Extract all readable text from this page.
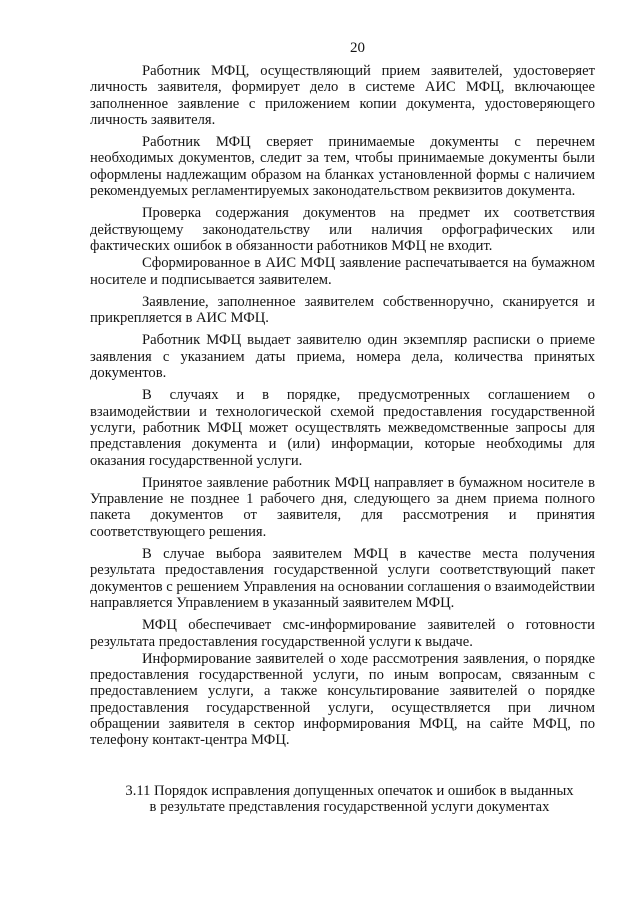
20

Работник МФЦ, осуществляющий прием заявителей, удостоверяет личность заявителя, формирует дело в системе АИС МФЦ, включающее заполненное заявление с приложением копии документа, удостоверяющего личность заявителя.

Работник МФЦ сверяет принимаемые документы с перечнем необходимых документов, следит за тем, чтобы принимаемые документы были оформлены надлежащим образом на бланках установленной формы с наличием рекомендуемых регламентируемых законодательством реквизитов документа.

Проверка содержания документов на предмет их соответствия действующему законодательству или наличия орфографических или фактических ошибок в обязанности работников МФЦ не входит.

Сформированное в АИС МФЦ заявление распечатывается на бумажном носителе и подписывается заявителем.

Заявление, заполненное заявителем собственноручно, сканируется и прикрепляется в АИС МФЦ.

Работник МФЦ выдает заявителю один экземпляр расписки о приеме заявления с указанием даты приема, номера дела, количества принятых документов.

В случаях и в порядке, предусмотренных соглашением о взаимодействии и технологической схемой предоставления государственной услуги, работник МФЦ может осуществлять межведомственные запросы для представления документа и (или) информации, которые необходимы для оказания государственной услуги.

Принятое заявление работник МФЦ направляет в бумажном носителе в Управление не позднее 1 рабочего дня, следующего за днем приема полного пакета документов от заявителя, для рассмотрения и принятия соответствующего решения.

В случае выбора заявителем МФЦ в качестве места получения результата предоставления государственной услуги соответствующий пакет документов с решением Управления на основании соглашения о взаимодействии направляется Управлением в указанный заявителем МФЦ.

МФЦ обеспечивает смс-информирование заявителей о готовности результата предоставления государственной услуги к выдаче.

Информирование заявителей о ходе рассмотрения заявления, о порядке предоставления государственной услуги, по иным вопросам, связанным с предоставлением услуги, а также консультирование заявителей о порядке предоставления государственной услуги, осуществляется при личном обращении заявителя в сектор информирования МФЦ, на сайте МФЦ, по телефону контакт-центра МФЦ.

3.11 Порядок исправления допущенных опечаток и ошибок в выданных
в результате представления государственной услуги документах
